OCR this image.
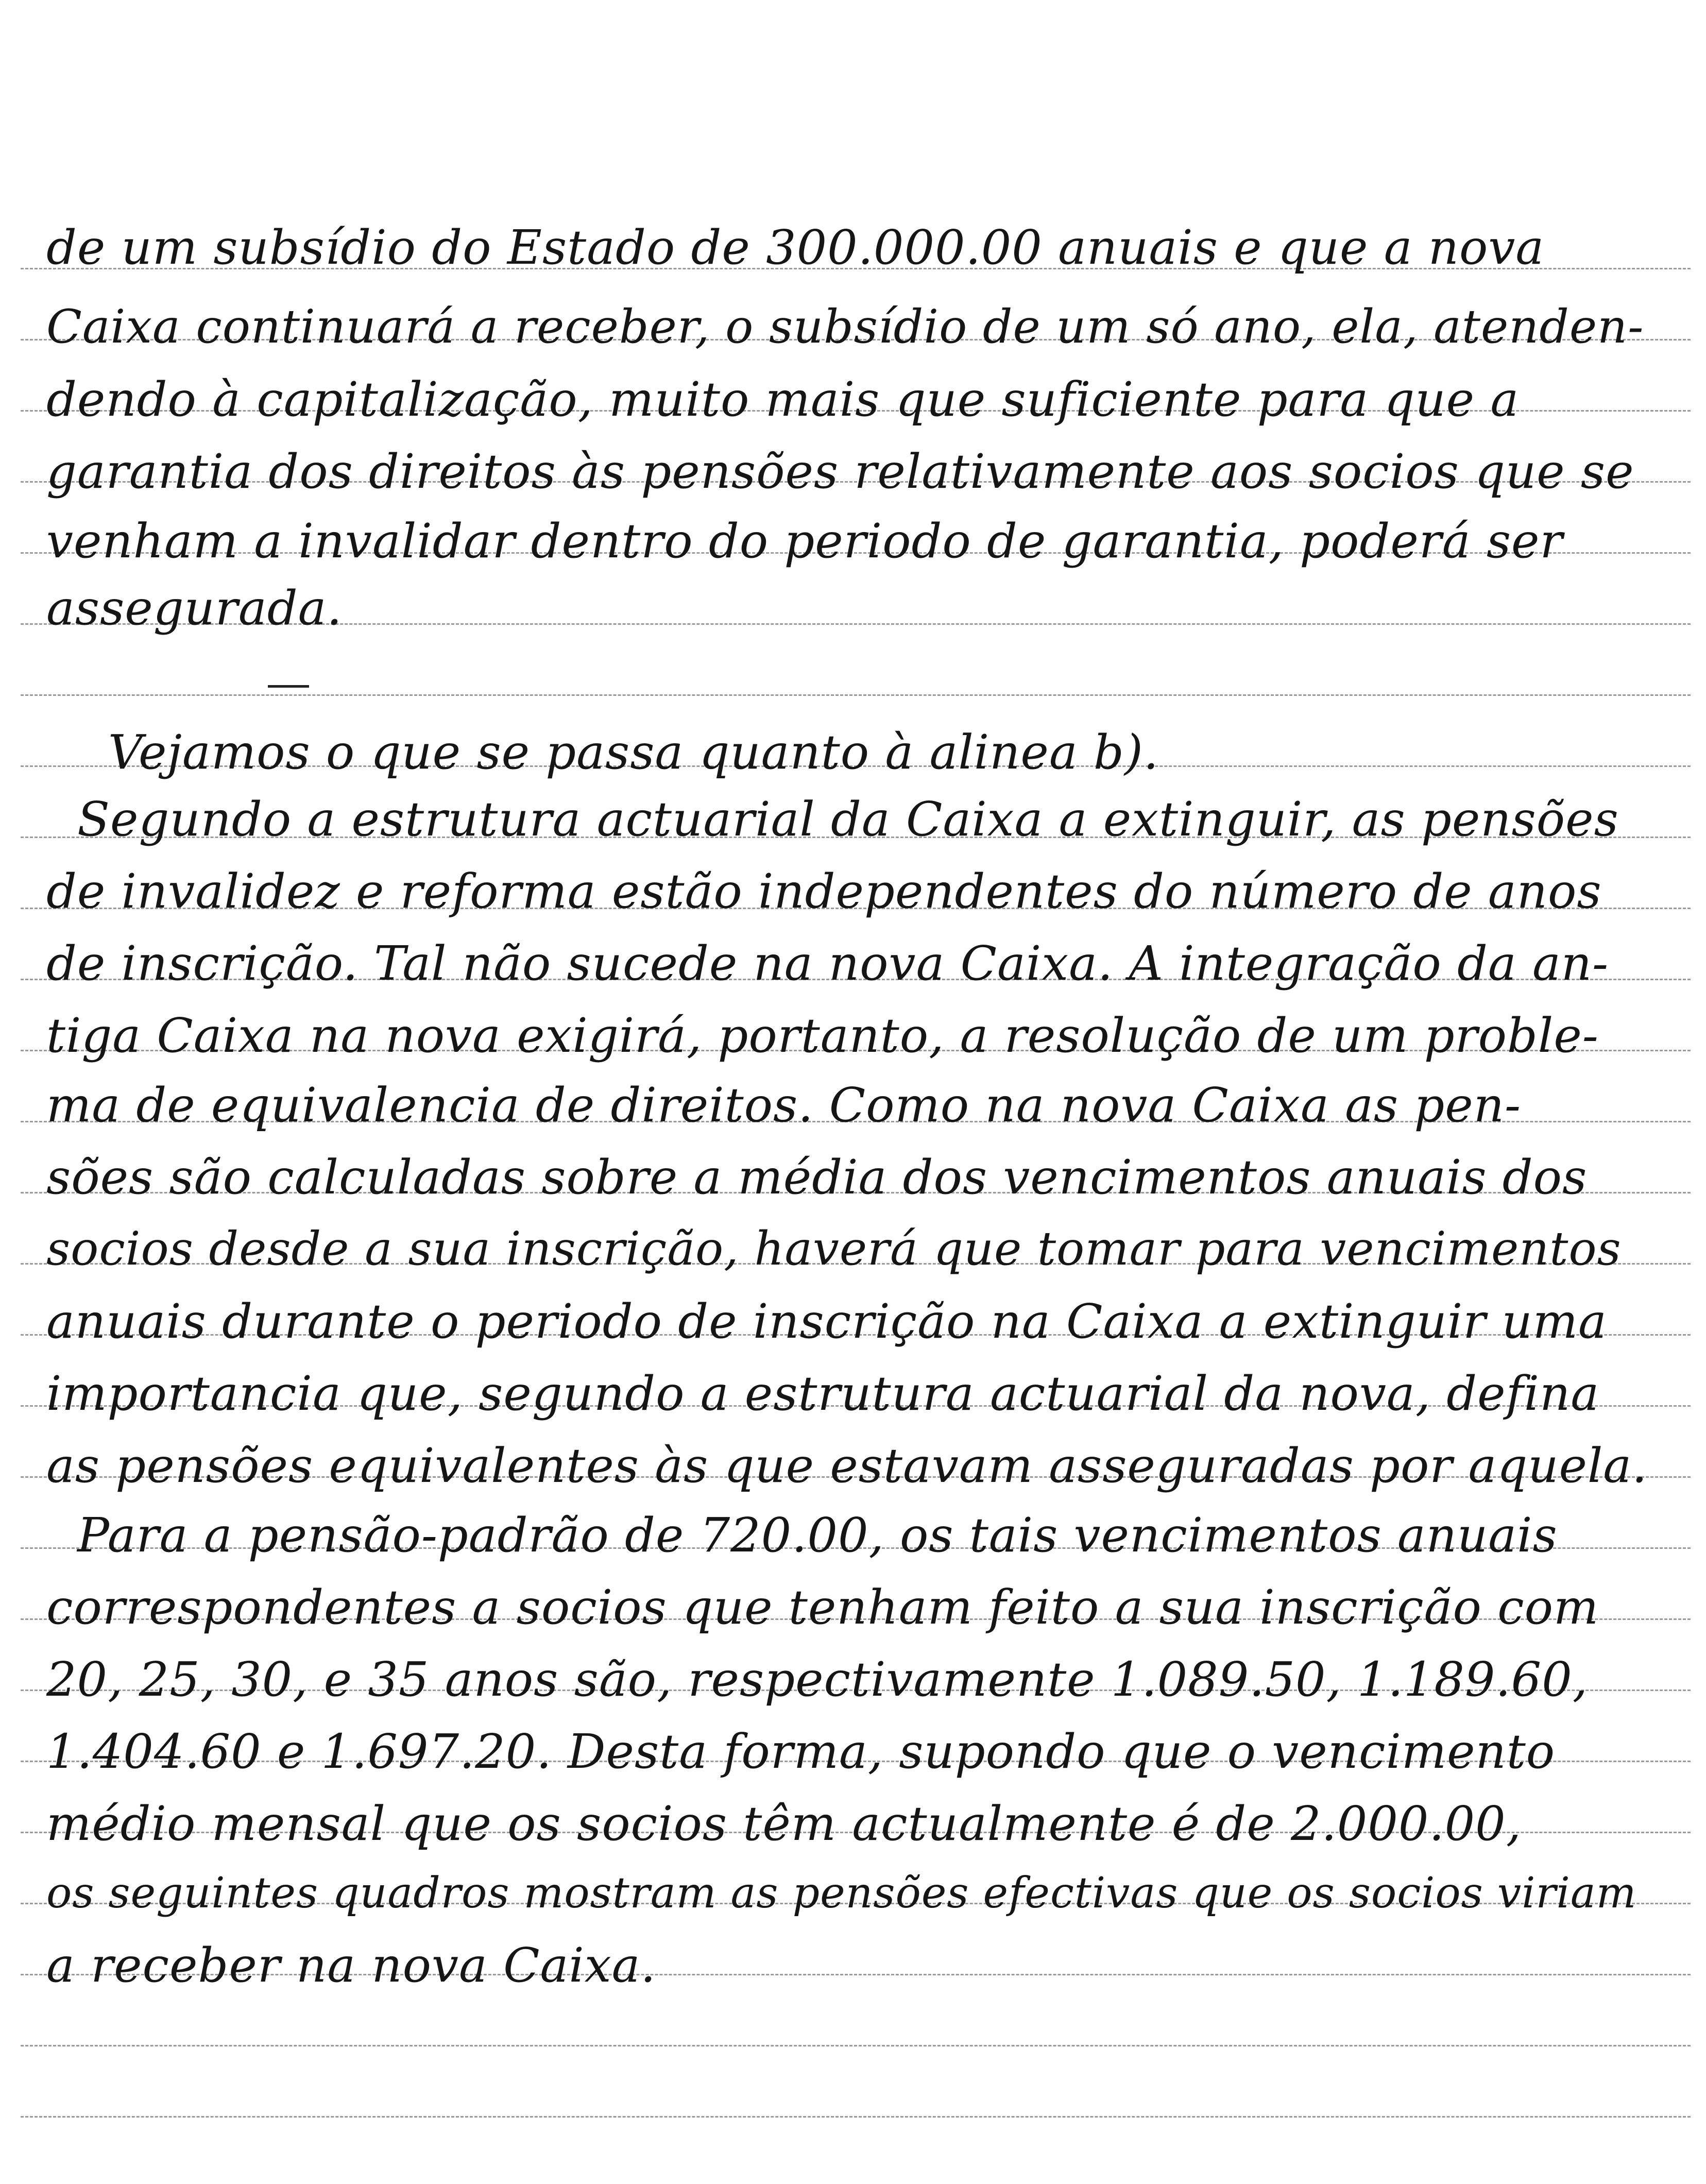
de um subsídio do Estado de 300.000.00 anuais e que a nova
Caixa continuará a receber, o subsídio de um só ano, ela, atenden-
dendo à capitalização, muito mais que suficiente para que a
garantia dos direitos às pensões relativamente aos socios que se
venham a invalidar dentro do periodo de garantia, poderá ser
assegurada.
Vejamos o que se passa quanto à alinea b).
Segundo a estrutura actuarial da Caixa a extinguir, as pensões
de invalidez e reforma estão independentes do número de anos
de inscrição. Tal não sucede na nova Caixa. A integração da an-
tiga Caixa na nova exigirá, portanto, a resolução de um proble-
ma de equivalencia de direitos. Como na nova Caixa as pen-
sões são calculadas sobre a média dos vencimentos anuais dos
socios desde a sua inscrição, haverá que tomar para vencimentos
anuais durante o periodo de inscrição na Caixa a extinguir uma
importancia que, segundo a estrutura actuarial da nova, defina
as pensões equivalentes às que estavam asseguradas por aquela.
Para a pensão-padrão de 720.00, os tais vencimentos anuais
correspondentes a socios que tenham feito a sua inscrição com
20, 25, 30, e 35 anos são, respectivamente 1.089.50, 1.189.60,
1.404.60 e 1.697.20. Desta forma, supondo que o vencimento
médio mensal que os socios têm actualmente é de 2.000.00,
os seguintes quadros mostram as pensões efectivas que os socios viriam
a receber na nova Caixa.
